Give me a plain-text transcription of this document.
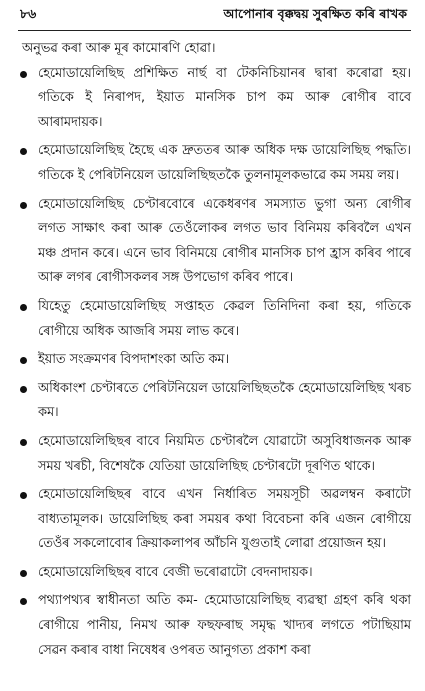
৮৬	আপোনাৰ বৃক্কদ্বয় সুৰক্ষিত কৰি ৰাখক

অনুভৱ কৰা আৰু মূৰ কামোৰণি হোৱা।

হেমোডায়েলিছিছ প্ৰশিক্ষিত নাৰ্ছ বা টেকনিচিয়ানৰ দ্বাৰা কৰোৱা হয়। গতিকে ই নিৰাপদ, ইয়াত মানসিক চাপ কম আৰু ৰোগীৰ বাবে আৰামদায়ক।
হেমোডায়েলিছিছ হৈছে এক দ্ৰুততৰ আৰু অধিক দক্ষ ডায়েলিছিছ পদ্ধতি। গতিকে ই পেৰিটনিয়েল ডায়েলিছিছতকৈ তুলনামূলকভাৱে কম সময় লয়।
হেমোডায়েলিছিছ চেণ্টাৰবোৰে একেধৰণৰ সমস্যাত ভুগা অন্য ৰোগীৰ লগত সাক্ষাৎ কৰা আৰু তেওঁলোকৰ লগত ভাব বিনিময় কৰিবলৈ এখন মঞ্চ প্ৰদান কৰে। এনে ভাব বিনিময়ে ৰোগীৰ মানসিক চাপ হ্ৰাস কৰিব পাৰে আৰু লগৰ ৰোগীসকলৰ সঙ্গ উপভোগ কৰিব পাৰে।
যিহেতু হেমোডায়েলিছিছ সপ্তাহত কেৱল তিনিদিনা কৰা হয়, গতিকে ৰোগীয়ে অধিক আজৰি সময় লাভ কৰে।
ইয়াত সংক্ৰমণৰ বিপদাশংকা অতি কম।
অধিকাংশ চেণ্টাৰতে পেৰিটনিয়েল ডায়েলিছিছতকৈ হেমোডায়েলিছিছ খৰচ কম।
হেমোডায়েলিছিছৰ বাবে নিয়মিত চেণ্টাৰলৈ যোৱাটো অসুবিধাজনক আৰু সময় খৰচী, বিশেষকৈ যেতিয়া ডায়েলিছিছ চেণ্টাৰটো দূৰণিত থাকে।
হেমোডায়েলিছিছৰ বাবে এখন নিৰ্ধাৰিত সময়সূচী অৱলম্বন কৰাটো বাধ্যতামূলক। ডায়েলিছিছ কৰা সময়ৰ কথা বিবেচনা কৰি এজন ৰোগীয়ে তেওঁৰ সকলোবোৰ ক্ৰিয়াকলাপৰ আঁচনি যুগুতাই লোৱা প্ৰয়োজন হয়।
হেমোডায়েলিছিছৰ বাবে বেজী ভৰোৱাটো বেদনাদায়ক।
পথ্যাপথ্যৰ স্বাধীনতা অতি কম- হেমোডায়েলিছিছ ব্যৱস্থা গ্ৰহণ কৰি থকা ৰোগীয়ে পানীয়, নিমখ আৰু ফছফৰাছ সমৃদ্ধ খাদ্যৰ লগতে পটাছিয়াম সেৱন কৰাৰ বাধা নিষেধৰ ওপৰত আনুগত্য প্ৰকাশ কৰা
